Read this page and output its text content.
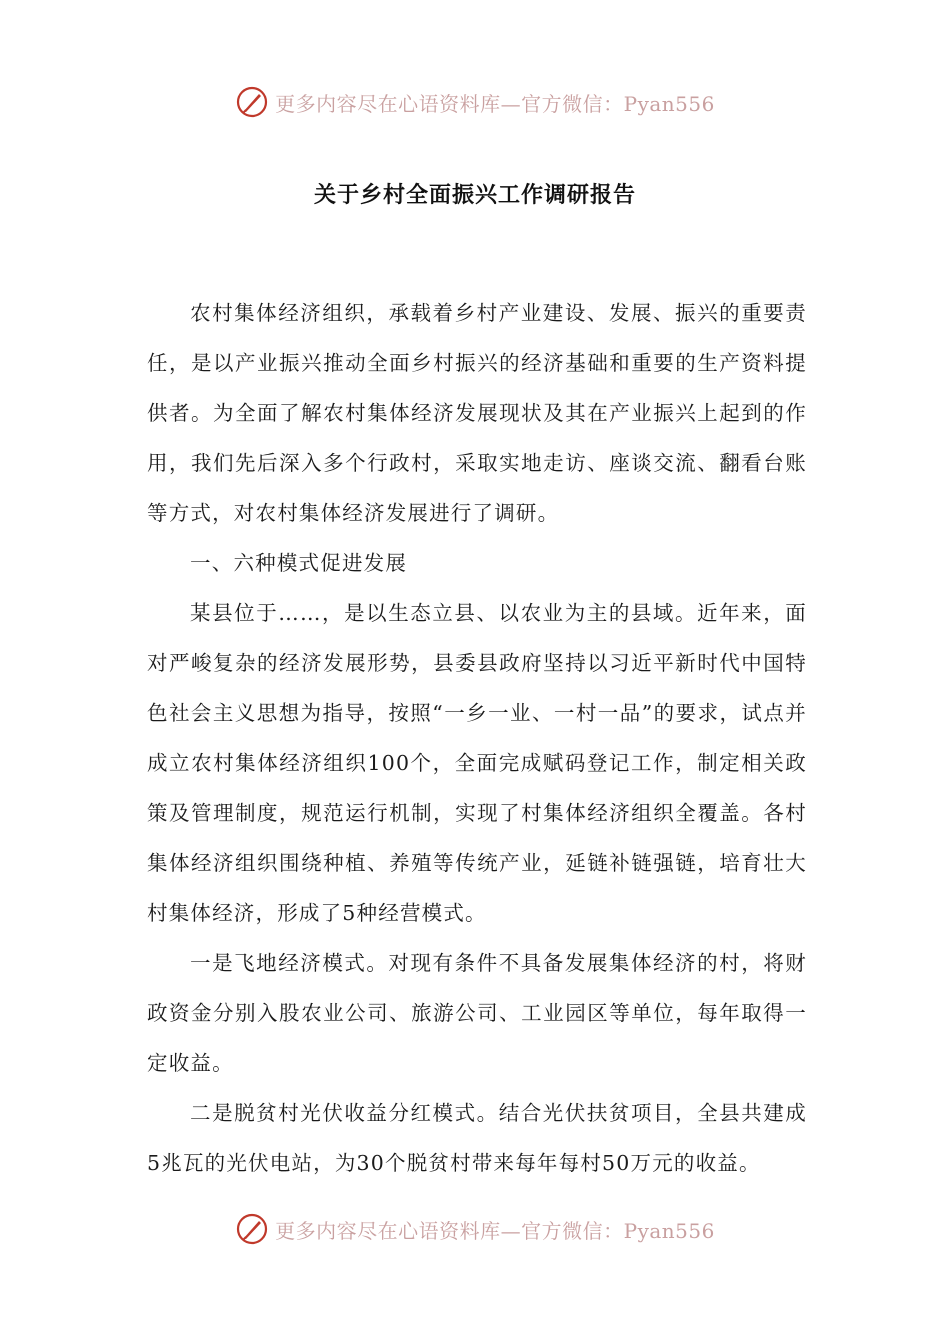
更多内容尽在心语资料库—官方微信：Pyan556
关于乡村全面振兴工作调研报告

农村集体经济组织，承载着乡村产业建设、发展、振兴的重要责任，是以产业振兴推动全面乡村振兴的经济基础和重要的生产资料提供者。为全面了解农村集体经济发展现状及其在产业振兴上起到的作用，我们先后深入多个行政村，采取实地走访、座谈交流、翻看台账等方式，对农村集体经济发展进行了调研。

一、六种模式促进发展

某县位于……，是以生态立县、以农业为主的县域。近年来，面对严峻复杂的经济发展形势，县委县政府坚持以习近平新时代中国特色社会主义思想为指导，按照“一乡一业、一村一品”的要求，试点并成立农村集体经济组织100个，全面完成赋码登记工作，制定相关政策及管理制度，规范运行机制，实现了村集体经济组织全覆盖。各村集体经济组织围绕种植、养殖等传统产业，延链补链强链，培育壮大村集体经济，形成了5种经营模式。

一是飞地经济模式。对现有条件不具备发展集体经济的村，将财政资金分别入股农业公司、旅游公司、工业园区等单位，每年取得一定收益。

二是脱贫村光伏收益分红模式。结合光伏扶贫项目，全县共建成5兆瓦的光伏电站，为30个脱贫村带来每年每村50万元的收益。

更多内容尽在心语资料库—官方微信：Pyan556
